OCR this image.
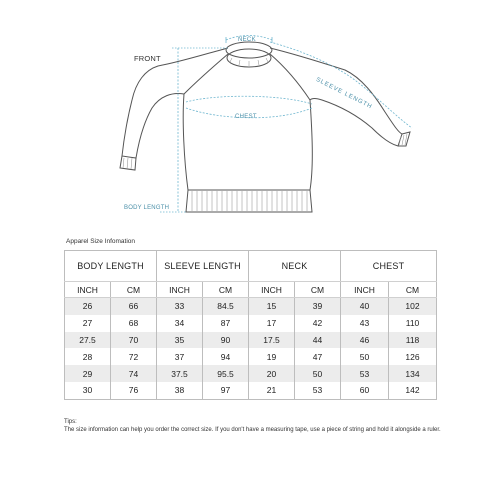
FRONT
NECK
SLEEVE LENGTH
CHEST
BODY LENGTH
Apparel Size Infomation
BODY LENGTH		SLEEVE LENGTH		NECK		CHEST	
INCH	CM	INCH	CM	INCH	CM	INCH	CM
26	66	33	84.5	15	39	40	102
27	68	34	87	17	42	43	110
27.5	70	35	90	17.5	44	46	118
28	72	37	94	19	47	50	126
29	74	37.5	95.5	20	50	53	134
30	76	38	97	21	53	60	142
Tips:
The size information can help you order the correct size. If you don't have a measuring tape, use a piece of string and hold it alongside a ruler.
